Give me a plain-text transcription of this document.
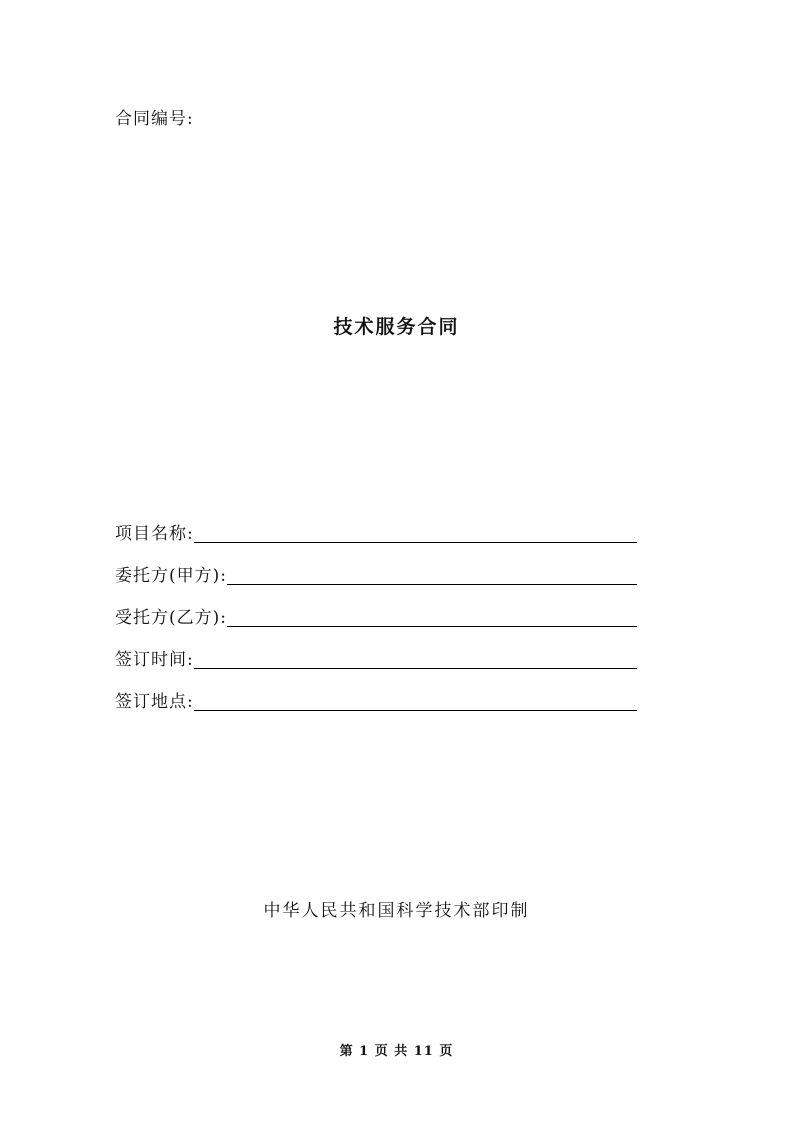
合同编号:
技术服务合同
项目名称:
委托方(甲方):
受托方(乙方):
签订时间:
签订地点:
中华人民共和国科学技术部印制
第 1 页 共 11 页
